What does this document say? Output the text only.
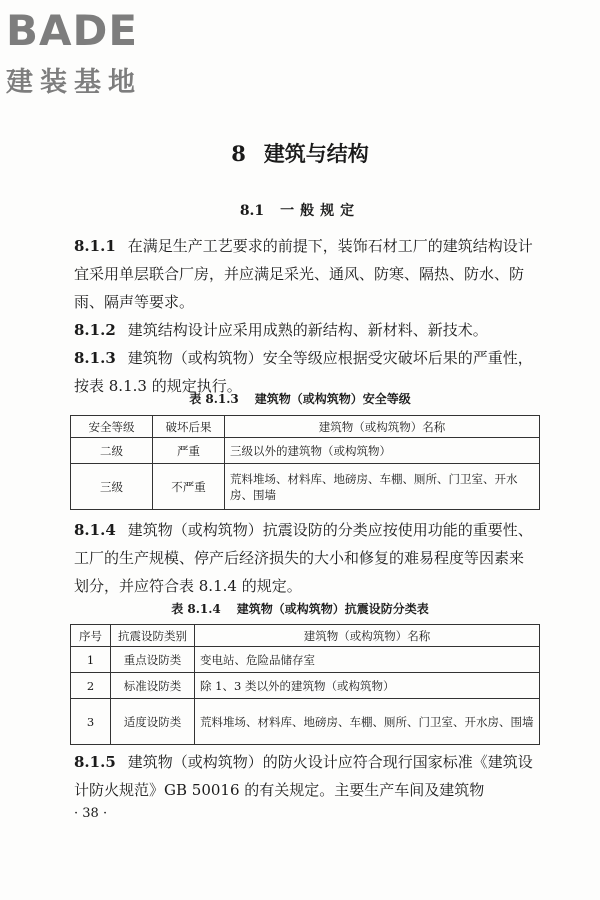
BADE
建装基地
8 建筑与结构
8.1 一般规定
8.1.1 在满足生产工艺要求的前提下，装饰石材工厂的建筑结构设计宜采用单层联合厂房，并应满足采光、通风、防寒、隔热、防水、防雨、隔声等要求。
8.1.2 建筑结构设计应采用成熟的新结构、新材料、新技术。
8.1.3 建筑物（或构筑物）安全等级应根据受灾破坏后果的严重性，按表 8.1.3 的规定执行。
表 8.1.3 建筑物（或构筑物）安全等级
安全等级	破坏后果	建筑物（或构筑物）名称
二级	严重	三级以外的建筑物（或构筑物）
三级	不严重	荒料堆场、材料库、地磅房、车棚、厕所、门卫室、开水房、围墙
8.1.4 建筑物（或构筑物）抗震设防的分类应按使用功能的重要性、工厂的生产规模、停产后经济损失的大小和修复的难易程度等因素来划分，并应符合表 8.1.4 的规定。
表 8.1.4 建筑物（或构筑物）抗震设防分类表
序号	抗震设防类别	建筑物（或构筑物）名称
1	重点设防类	变电站、危险品储存室
2	标准设防类	除 1、3 类以外的建筑物（或构筑物）
3	适度设防类	荒料堆场、材料库、地磅房、车棚、厕所、门卫室、开水房、围墙
8.1.5 建筑物（或构筑物）的防火设计应符合现行国家标准《建筑设计防火规范》GB 50016 的有关规定。主要生产车间及建筑物
· 38 ·
